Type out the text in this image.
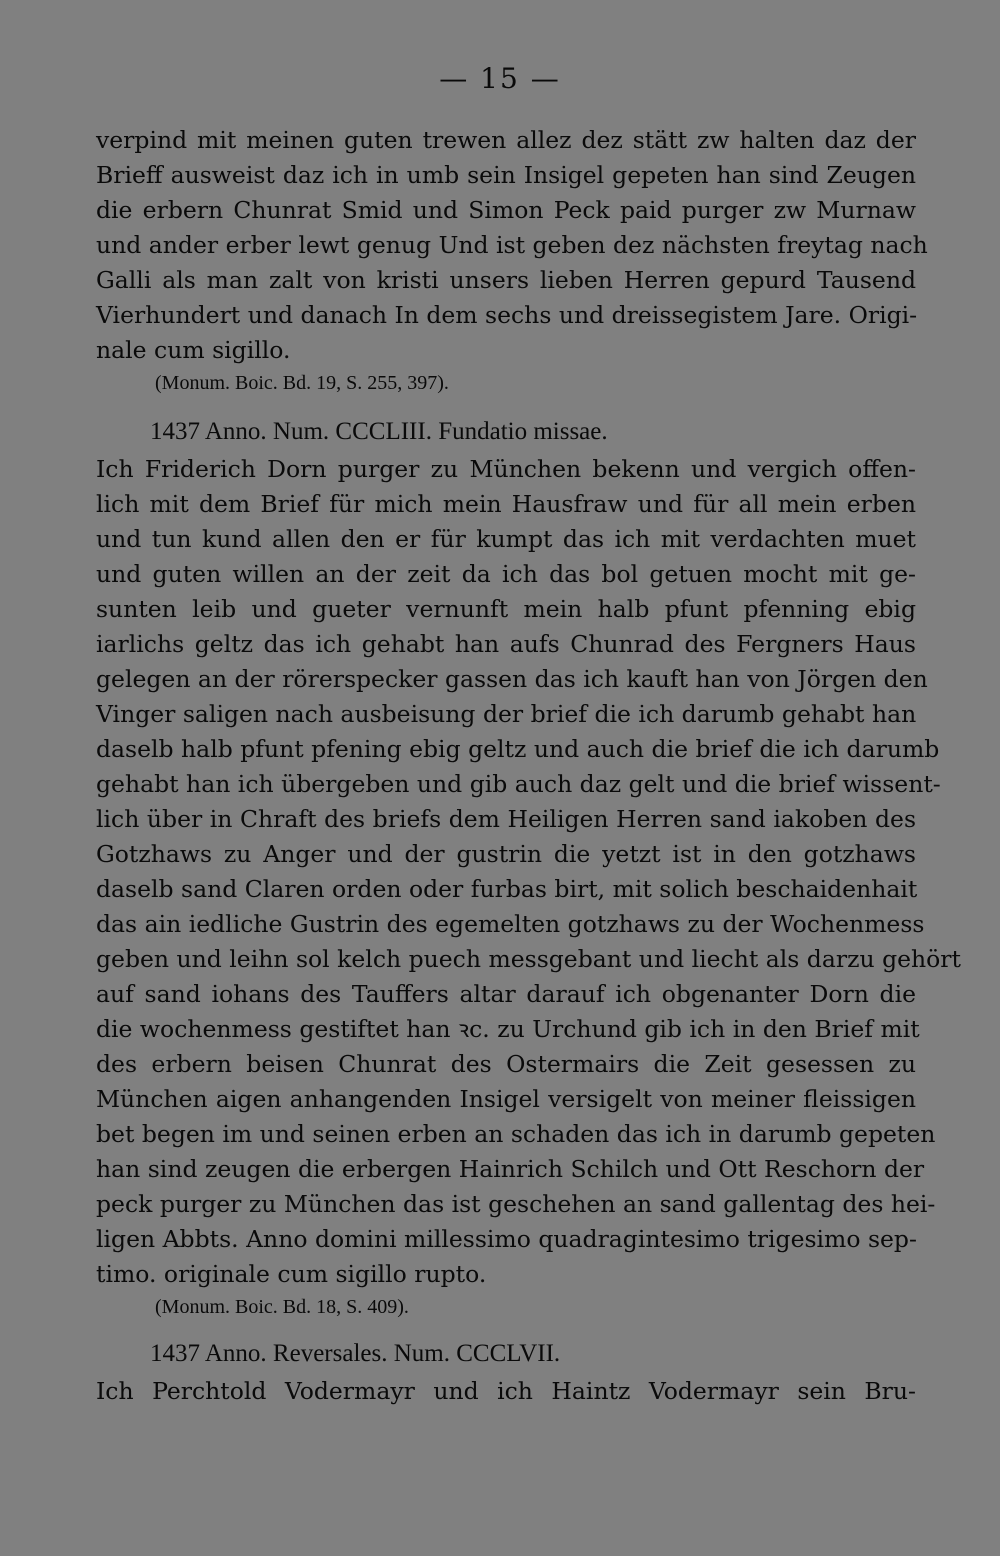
— 15 —
verpind mit meinen guten trewen allez dez stätt zw halten daz der
Brieff ausweist daz ich in umb sein Insigel gepeten han sind Zeugen
die erbern Chunrat Smid und Simon Peck paid purger zw Murnaw
und ander erber lewt genug Und ist geben dez nächsten freytag nach
Galli als man zalt von kristi unsers lieben Herren gepurd Tausend
Vierhundert und danach In dem sechs und dreissegistem Jare. Origi-
nale cum sigillo.
(Monum. Boic. Bd. 19, S. 255, 397).
1437 Anno. Num. CCCLIII. Fundatio missae.
Ich Friderich Dorn purger zu München bekenn und vergich offen-
lich mit dem Brief für mich mein Hausfraw und für all mein erben
und tun kund allen den er für kumpt das ich mit verdachten muet
und guten willen an der zeit da ich das bol getuen mocht mit ge-
sunten leib und gueter vernunft mein halb pfunt pfenning ebig
iarlichs geltz das ich gehabt han aufs Chunrad des Fergners Haus
gelegen an der rörerspecker gassen das ich kauft han von Jörgen den
Vinger saligen nach ausbeisung der brief die ich darumb gehabt han
daselb halb pfunt pfening ebig geltz und auch die brief die ich darumb
gehabt han ich übergeben und gib auch daz gelt und die brief wissent-
lich über in Chraft des briefs dem Heiligen Herren sand iakoben des
Gotzhaws zu Anger und der gustrin die yetzt ist in den gotzhaws
daselb sand Claren orden oder furbas birt, mit solich beschaidenhait
das ain iedliche Gustrin des egemelten gotzhaws zu der Wochenmess
geben und leihn sol kelch puech messgebant und liecht als darzu gehört
auf sand iohans des Tauffers altar darauf ich obgenanter Dorn die
die wochenmess gestiftet han ꝛc. zu Urchund gib ich in den Brief mit
des erbern beisen Chunrat des Ostermairs die Zeit gesessen zu
München aigen anhangenden Insigel versigelt von meiner fleissigen
bet begen im und seinen erben an schaden das ich in darumb gepeten
han sind zeugen die erbergen Hainrich Schilch und Ott Reschorn der
peck purger zu München das ist geschehen an sand gallentag des hei-
ligen Abbts. Anno domini millessimo quadragintesimo trigesimo sep-
timo. originale cum sigillo rupto.
(Monum. Boic. Bd. 18, S. 409).
1437 Anno. Reversales. Num. CCCLVII.
Ich Perchtold Vodermayr und ich Haintz Vodermayr sein Bru-
